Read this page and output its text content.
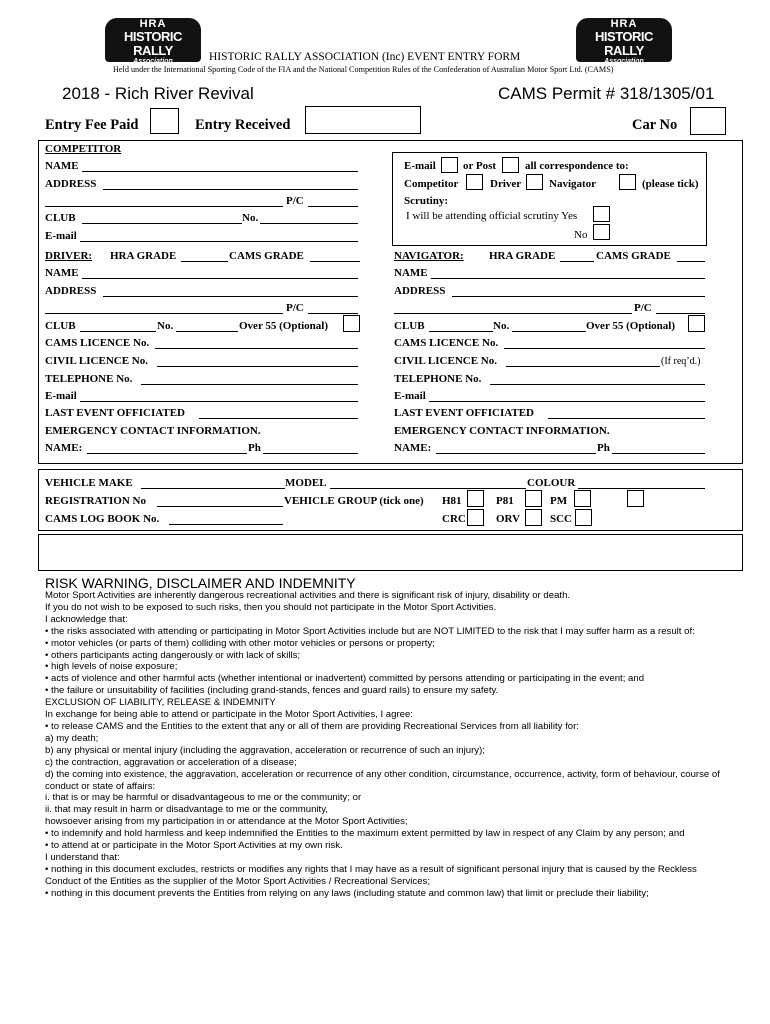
HRA
HISTORIC RALLY
Association
HRA
HISTORIC RALLY
Association
HISTORIC RALLY ASSOCIATION (Inc) EVENT ENTRY FORM
Held under the International Sporting Code of the FIA and the National Competition Rules of the Confederation of Australian Motor Sport Ltd. (CAMS)
2018 - Rich River Revival	CAMS Permit # 318/1305/01
Entry Fee Paid	Entry Received	Car No
COMPETITOR
NAME
ADDRESS
P/C
CLUB	No.
E-mail
E-mail or Post	all correspondence to:
Competitor	Driver	Navigator	(please tick)
Scrutiny:
I will be attending official scrutiny Yes
No
DRIVER: HRA GRADE	CAMS GRADE
NAME
ADDRESS
P/C
CLUB	No.	Over 55 (Optional)
CAMS LICENCE No.
CIVIL LICENCE No.
TELEPHONE No.
E-mail
LAST EVENT OFFICIATED
EMERGENCY CONTACT INFORMATION.
NAME:	Ph
NAVIGATOR: HRA GRADE	CAMS GRADE
NAME
ADDRESS
P/C
CLUB	No.	Over 55 (Optional)
CAMS LICENCE No.
CIVIL LICENCE No.	(If req’d.)
TELEPHONE No.
E-mail
LAST EVENT OFFICIATED
EMERGENCY CONTACT INFORMATION.
NAME:	Ph
VEHICLE MAKE	MODEL	COLOUR
REGISTRATION No	VEHICLE GROUP (tick one) H81	P81	PM
CAMS LOG BOOK No.	CRC	ORV	SCC
RISK WARNING, DISCLAIMER AND INDEMNITY

Motor Sport Activities are inherently dangerous recreational activities and there is significant risk of injury, disability or death.

If you do not wish to be exposed to such risks, then you should not participate in the Motor Sport Activities.

I acknowledge that:

• the risks associated with attending or participating in Motor Sport Activities include but are NOT LIMITED to the risk that I may suffer harm as a result of:

• motor vehicles (or parts of them) colliding with other motor vehicles or persons or property;

• others participants acting dangerously or with lack of skills;

• high levels of noise exposure;

• acts of violence and other harmful acts (whether intentional or inadvertent) committed by persons attending or participating in the event; and

• the failure or unsuitability of facilities (including grand-stands, fences and guard rails) to ensure my safety.

EXCLUSION OF LIABILITY, RELEASE & INDEMNITY

In exchange for being able to attend or participate in the Motor Sport Activities, I agree:

• to release CAMS and the Entities to the extent that any or all of them are providing Recreational Services from all liability for:

a) my death;

b) any physical or mental injury (including the aggravation, acceleration or recurrence of such an injury);

c) the contraction, aggravation or acceleration of a disease;

d) the coming into existence, the aggravation, acceleration or recurrence of any other condition, circumstance, occurrence, activity, form of behaviour, course of conduct or state of affairs:

i. that is or may be harmful or disadvantageous to me or the community; or

ii. that may result in harm or disadvantage to me or the community,

howsoever arising from my participation in or attendance at the Motor Sport Activities;

• to indemnify and hold harmless and keep indemnified the Entities to the maximum extent permitted by law in respect of any Claim by any person; and

• to attend at or participate in the Motor Sport Activities at my own risk.

I understand that:

• nothing in this document excludes, restricts or modifies any rights that I may have as a result of significant personal injury that is caused by the Reckless Conduct of the Entities as the supplier of the Motor Sport Activities / Recreational Services;

• nothing in this document prevents the Entities from relying on any laws (including statute and common law) that limit or preclude their liability;
